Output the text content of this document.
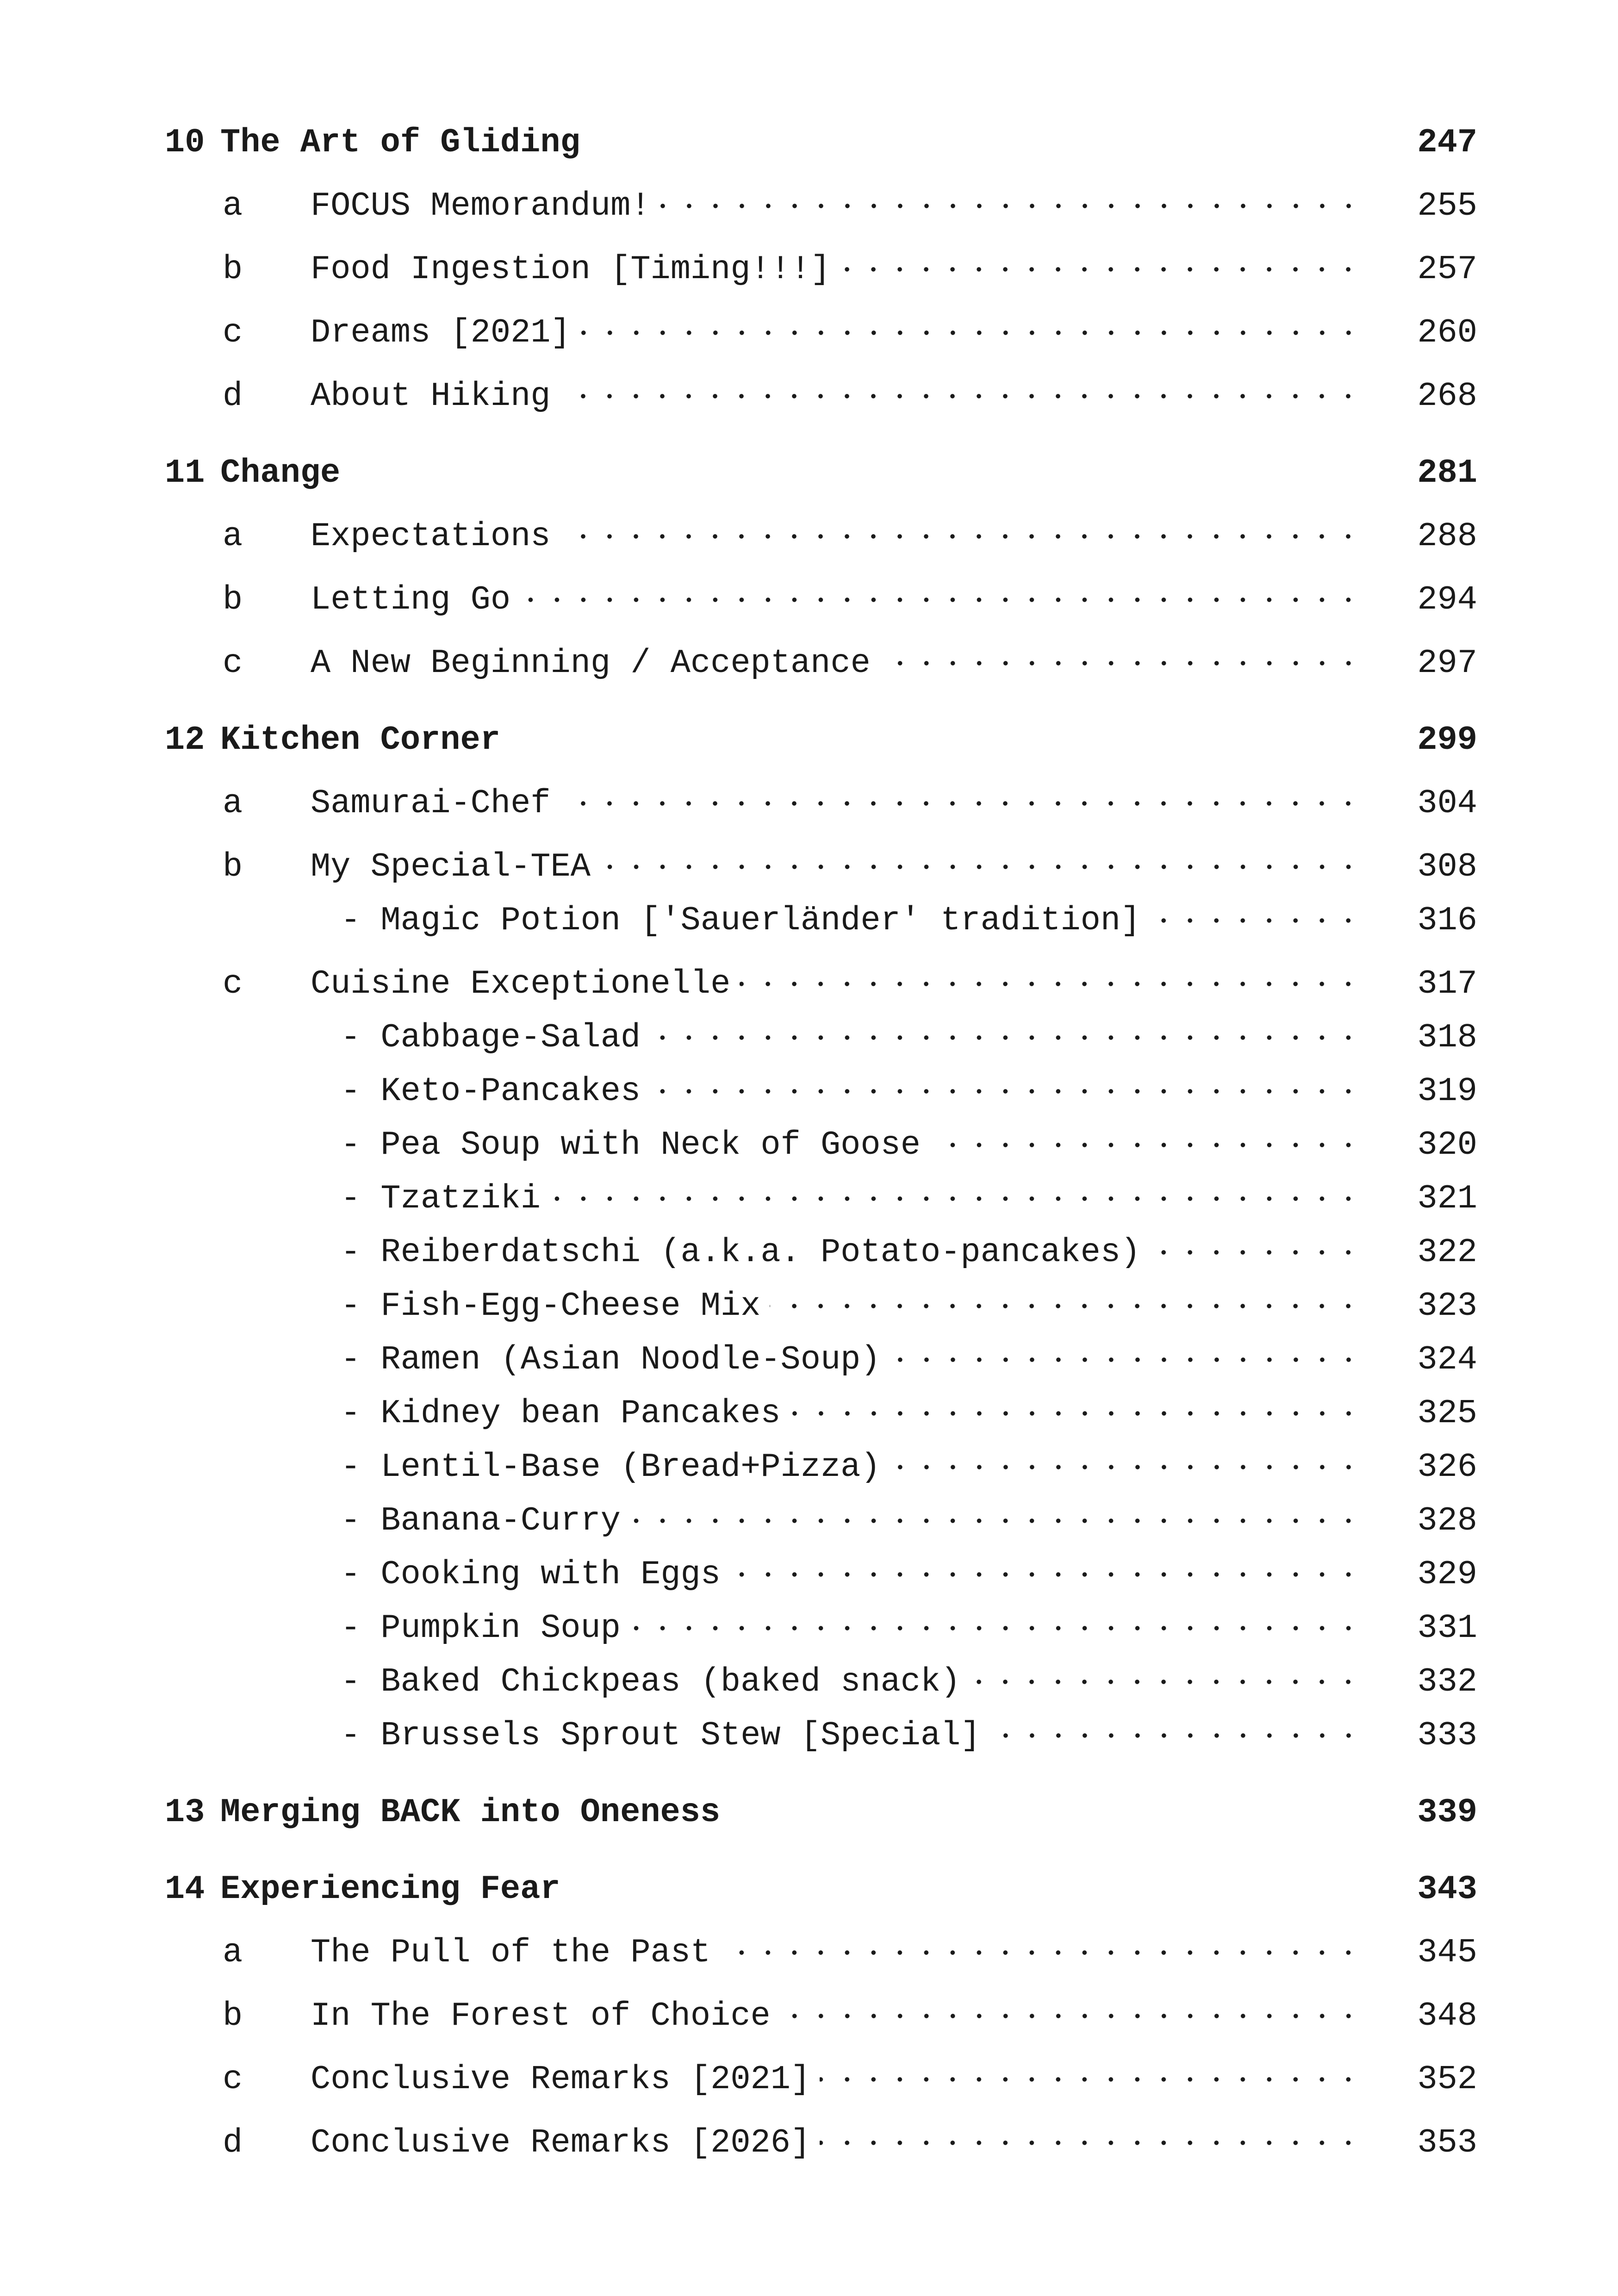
10 The Art of Gliding	247
a FOCUS Memorandum!	255
b Food Ingestion [Timing!!!]	257
c Dreams [2021]	260
d About Hiking	268
11 Change	281
a Expectations	288
b Letting Go	294
c A New Beginning / Acceptance	297
12 Kitchen Corner	299
a Samurai-Chef	304
b My Special-TEA	308
- Magic Potion ['Sauerländer' tradition]	316
c Cuisine Exceptionelle	317
- Cabbage-Salad	318
- Keto-Pancakes	319
- Pea Soup with Neck of Goose	320
- Tzatziki	321
- Reiberdatschi (a.k.a. Potato-pancakes)	322
- Fish-Egg-Cheese Mix	323
- Ramen (Asian Noodle-Soup)	324
- Kidney bean Pancakes	325
- Lentil-Base (Bread+Pizza)	326
- Banana-Curry	328
- Cooking with Eggs	329
- Pumpkin Soup	331
- Baked Chickpeas (baked snack)	332
- Brussels Sprout Stew [Special]	333
13 Merging BACK into Oneness	339
14 Experiencing Fear	343
a The Pull of the Past	345
b In The Forest of Choice	348
c Conclusive Remarks [2021]	352
d Conclusive Remarks [2026]	353
